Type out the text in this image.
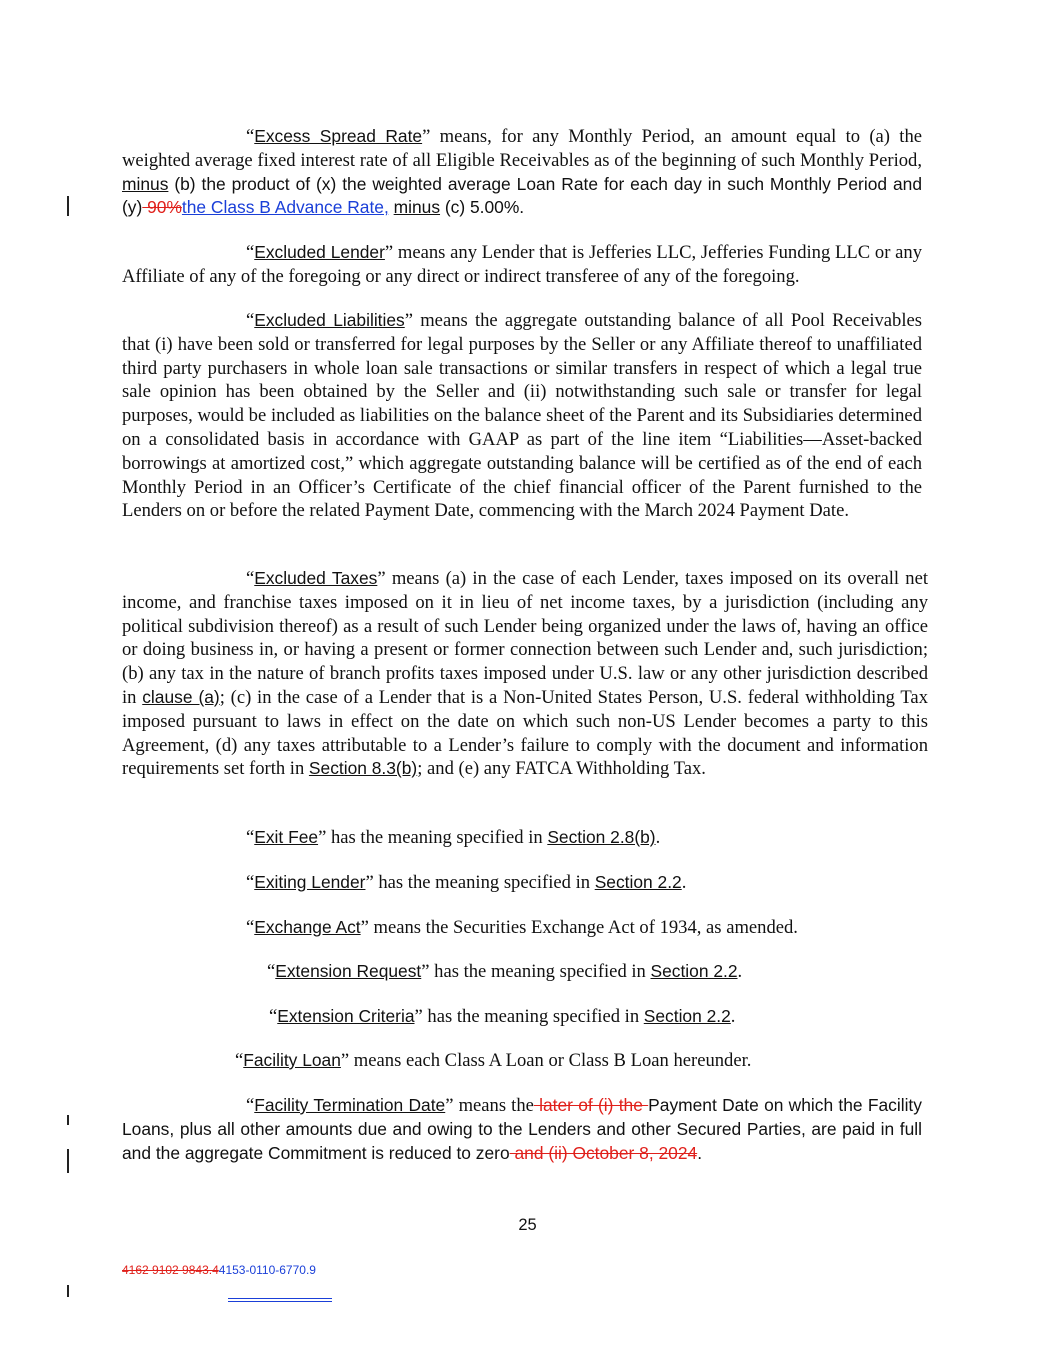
“Excess Spread Rate” means, for any Monthly Period, an amount equal to (a) the weighted average fixed interest rate of all Eligible Receivables as of the beginning of such Monthly Period, minus (b) the product of (x) the weighted average Loan Rate for each day in such Monthly Period and (y) 90%the Class B Advance Rate, minus (c) 5.00%.
“Excluded Lender” means any Lender that is Jefferies LLC, Jefferies Funding LLC or any Affiliate of any of the foregoing or any direct or indirect transferee of any of the foregoing.
“Excluded Liabilities” means the aggregate outstanding balance of all Pool Receivables that (i) have been sold or transferred for legal purposes by the Seller or any Affiliate thereof to unaffiliated third party purchasers in whole loan sale transactions or similar transfers in respect of which a legal true sale opinion has been obtained by the Seller and (ii) notwithstanding such sale or transfer for legal purposes, would be included as liabilities on the balance sheet of the Parent and its Subsidiaries determined on a consolidated basis in accordance with GAAP as part of the line item “Liabilities—Asset-backed borrowings at amortized cost,” which aggregate outstanding balance will be certified as of the end of each Monthly Period in an Officer’s Certificate of the chief financial officer of the Parent furnished to the Lenders on or before the related Payment Date, commencing with the March 2024 Payment Date.
“Excluded Taxes” means (a) in the case of each Lender, taxes imposed on its overall net income, and franchise taxes imposed on it in lieu of net income taxes, by a jurisdiction (including any political subdivision thereof) as a result of such Lender being organized under the laws of, having an office or doing business in, or having a present or former connection between such Lender and, such jurisdiction; (b) any tax in the nature of branch profits taxes imposed under U.S. law or any other jurisdiction described in clause (a); (c) in the case of a Lender that is a Non-United States Person, U.S. federal withholding Tax imposed pursuant to laws in effect on the date on which such non-US Lender becomes a party to this Agreement, (d) any taxes attributable to a Lender’s failure to comply with the document and information requirements set forth in Section 8.3(b); and (e) any FATCA Withholding Tax.
“Exit Fee” has the meaning specified in Section 2.8(b).
“Exiting Lender” has the meaning specified in Section 2.2.
“Exchange Act” means the Securities Exchange Act of 1934, as amended.
“Extension Request” has the meaning specified in Section 2.2.
“Extension Criteria” has the meaning specified in Section 2.2.
“Facility Loan” means each Class A Loan or Class B Loan hereunder.
“Facility Termination Date” means the later of (i) the Payment Date on which the Facility Loans, plus all other amounts due and owing to the Lenders and other Secured Parties, are paid in full and the aggregate Commitment is reduced to zero and (ii) October 8, 2024.
25
4162 9102 9843.44153-0110-6770.9
